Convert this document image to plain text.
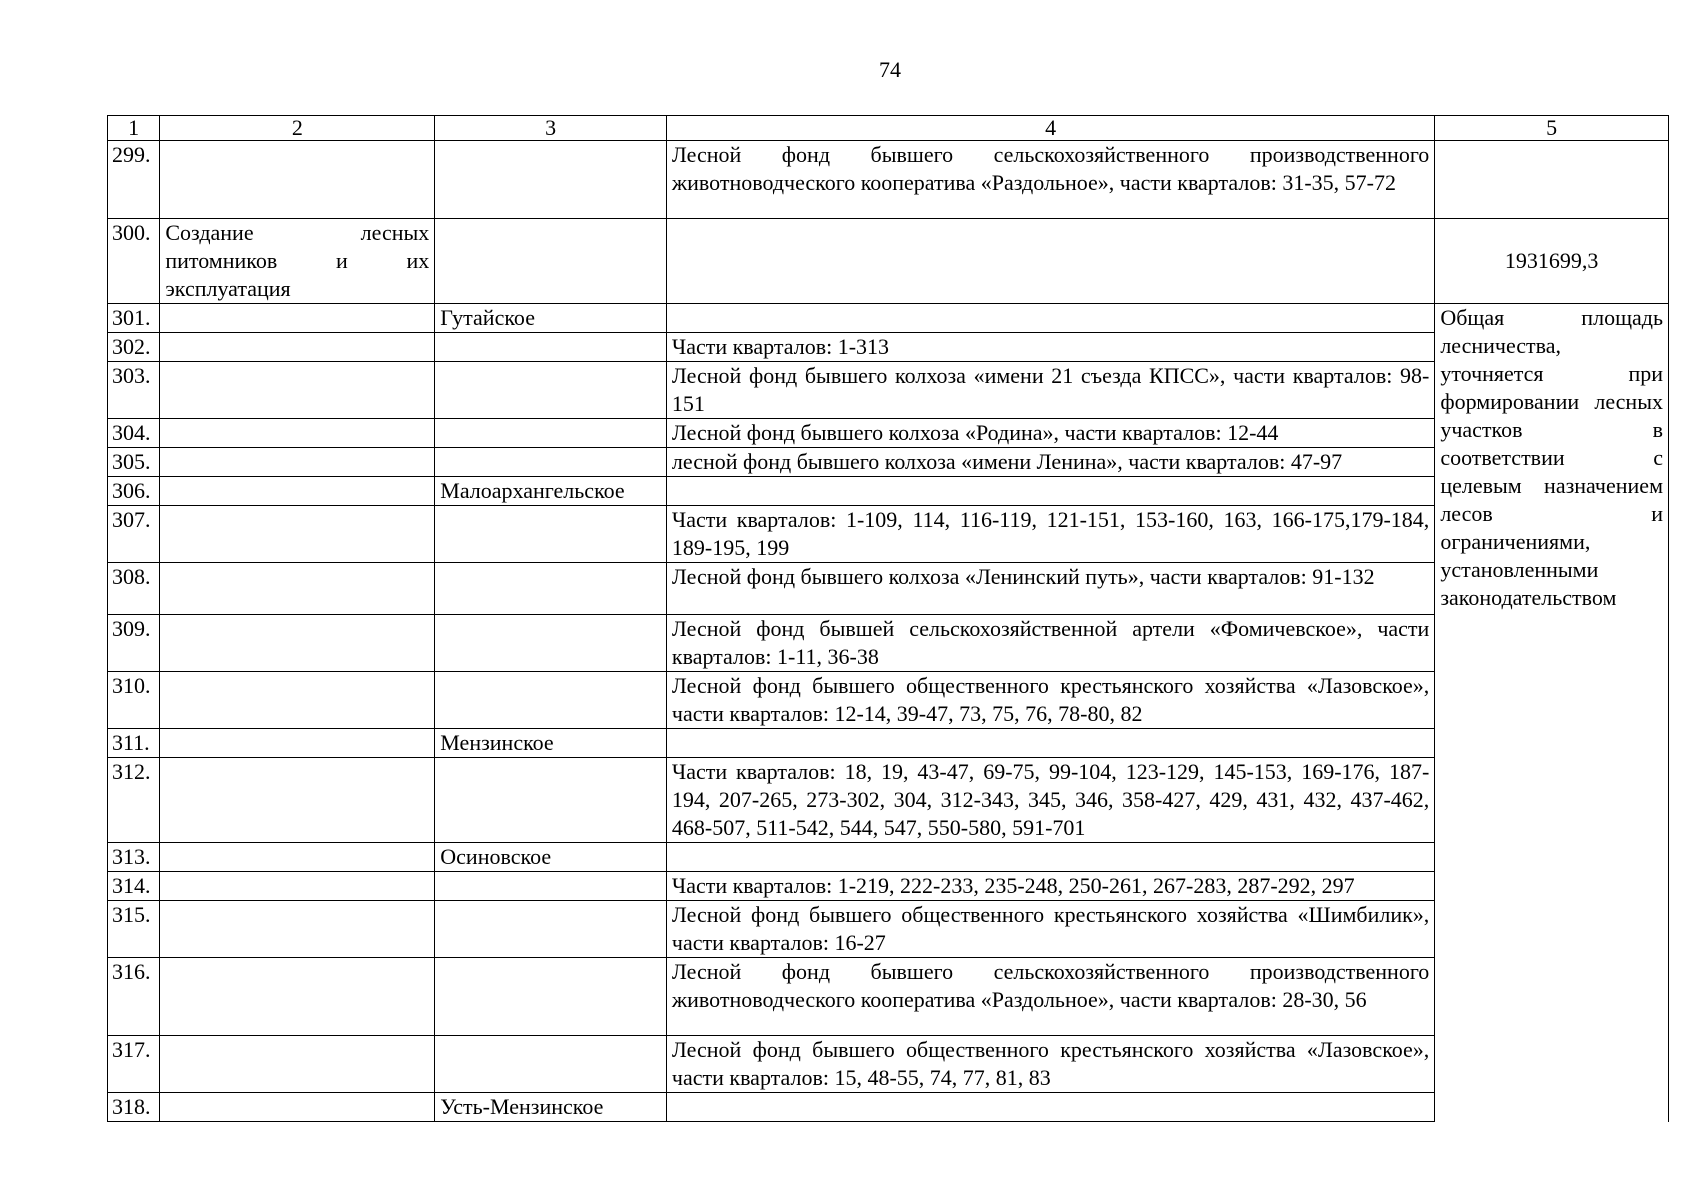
74
1	2	3	4	5
299.			Лесной фонд бывшего сельскохозяйственного производственного животноводческого кооператива «Раздольное», части кварталов: 31-35, 57-72	
300.	Создание лесных питомников и их эксплуатация			1931699,3
301.		Гутайское		Общая площадь лесничества, уточняется при формировании лесных участков в соответствии с целевым назначением лесов и ограничениями, установленными законодательством
302.			Части кварталов: 1-313	
303.			Лесной фонд бывшего колхоза «имени 21 съезда КПСС», части кварталов: 98-151	
304.			Лесной фонд бывшего колхоза «Родина», части кварталов: 12-44	
305.			лесной фонд бывшего колхоза «имени Ленина», части кварталов: 47-97	
306.		Малоархангельское		
307.			Части кварталов: 1-109, 114, 116-119, 121-151, 153-160, 163, 166-175,179-184, 189-195, 199	
308.			Лесной фонд бывшего колхоза «Ленинский путь», части кварталов: 91-132	
309.			Лесной фонд бывшей сельскохозяйственной артели «Фомичевское», части кварталов: 1-11, 36-38	
310.			Лесной фонд бывшего общественного крестьянского хозяйства «Лазовское», части кварталов: 12-14, 39-47, 73, 75, 76, 78-80, 82	
311.		Мензинское		
312.			Части кварталов: 18, 19, 43-47, 69-75, 99-104, 123-129, 145-153, 169-176, 187-194, 207-265, 273-302, 304, 312-343, 345, 346, 358-427, 429, 431, 432, 437-462, 468-507, 511-542, 544, 547, 550-580, 591-701	
313.		Осиновское		
314.			Части кварталов: 1-219, 222-233, 235-248, 250-261, 267-283, 287-292, 297	
315.			Лесной фонд бывшего общественного крестьянского хозяйства «Шимбилик», части кварталов: 16-27	
316.			Лесной фонд бывшего сельскохозяйственного производственного животноводческого кооператива «Раздольное», части кварталов: 28-30, 56	
317.			Лесной фонд бывшего общественного крестьянского хозяйства «Лазовское», части кварталов: 15, 48-55, 74, 77, 81, 83	
318.		Усть-Мензинское		
